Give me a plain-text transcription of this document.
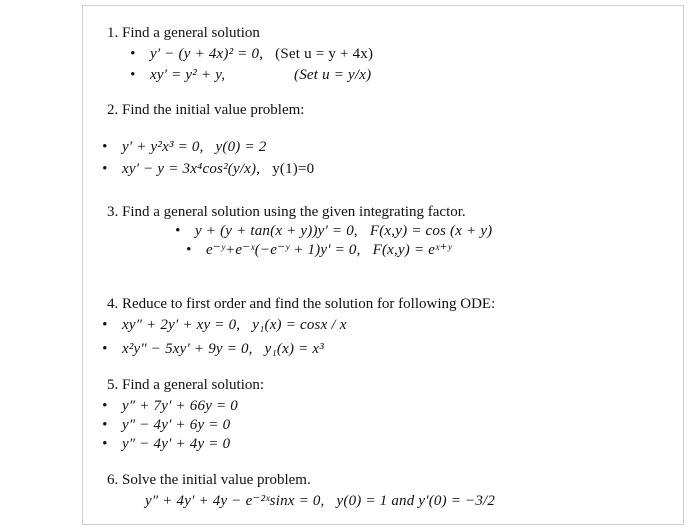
1. Find a general solution
• y′ − (y + 4x)² = 0, (Set u = y + 4x)
• xy′ = y² + y,	(Set u = y/x)
2. Find the initial value problem:
• y′ + y²x³ = 0, y(0) = 2
• xy′ − y = 3x⁴cos²(y/x), y(1)=0
3. Find a general solution using the given integrating factor.
• y + (y + tan(x + y))y′ = 0, F(x,y) = cos (x + y)
• e⁻ʸ+e⁻ˣ(−e⁻ʸ + 1)y′ = 0, F(x,y) = eˣ⁺ʸ
4. Reduce to first order and find the solution for following ODE:
• xy″ + 2y′ + xy = 0, y₁(x) = cosx / x
• x²y″ − 5xy′ + 9y = 0, y₁(x) = x³
5. Find a general solution:
• y″ + 7y′ + 66y = 0
• y″ − 4y′ + 6y = 0
• y″ − 4y′ + 4y = 0
6. Solve the initial value problem.
y″ + 4y′ + 4y − e⁻²ˣsinx = 0, y(0) = 1 and y′(0) = −3/2
